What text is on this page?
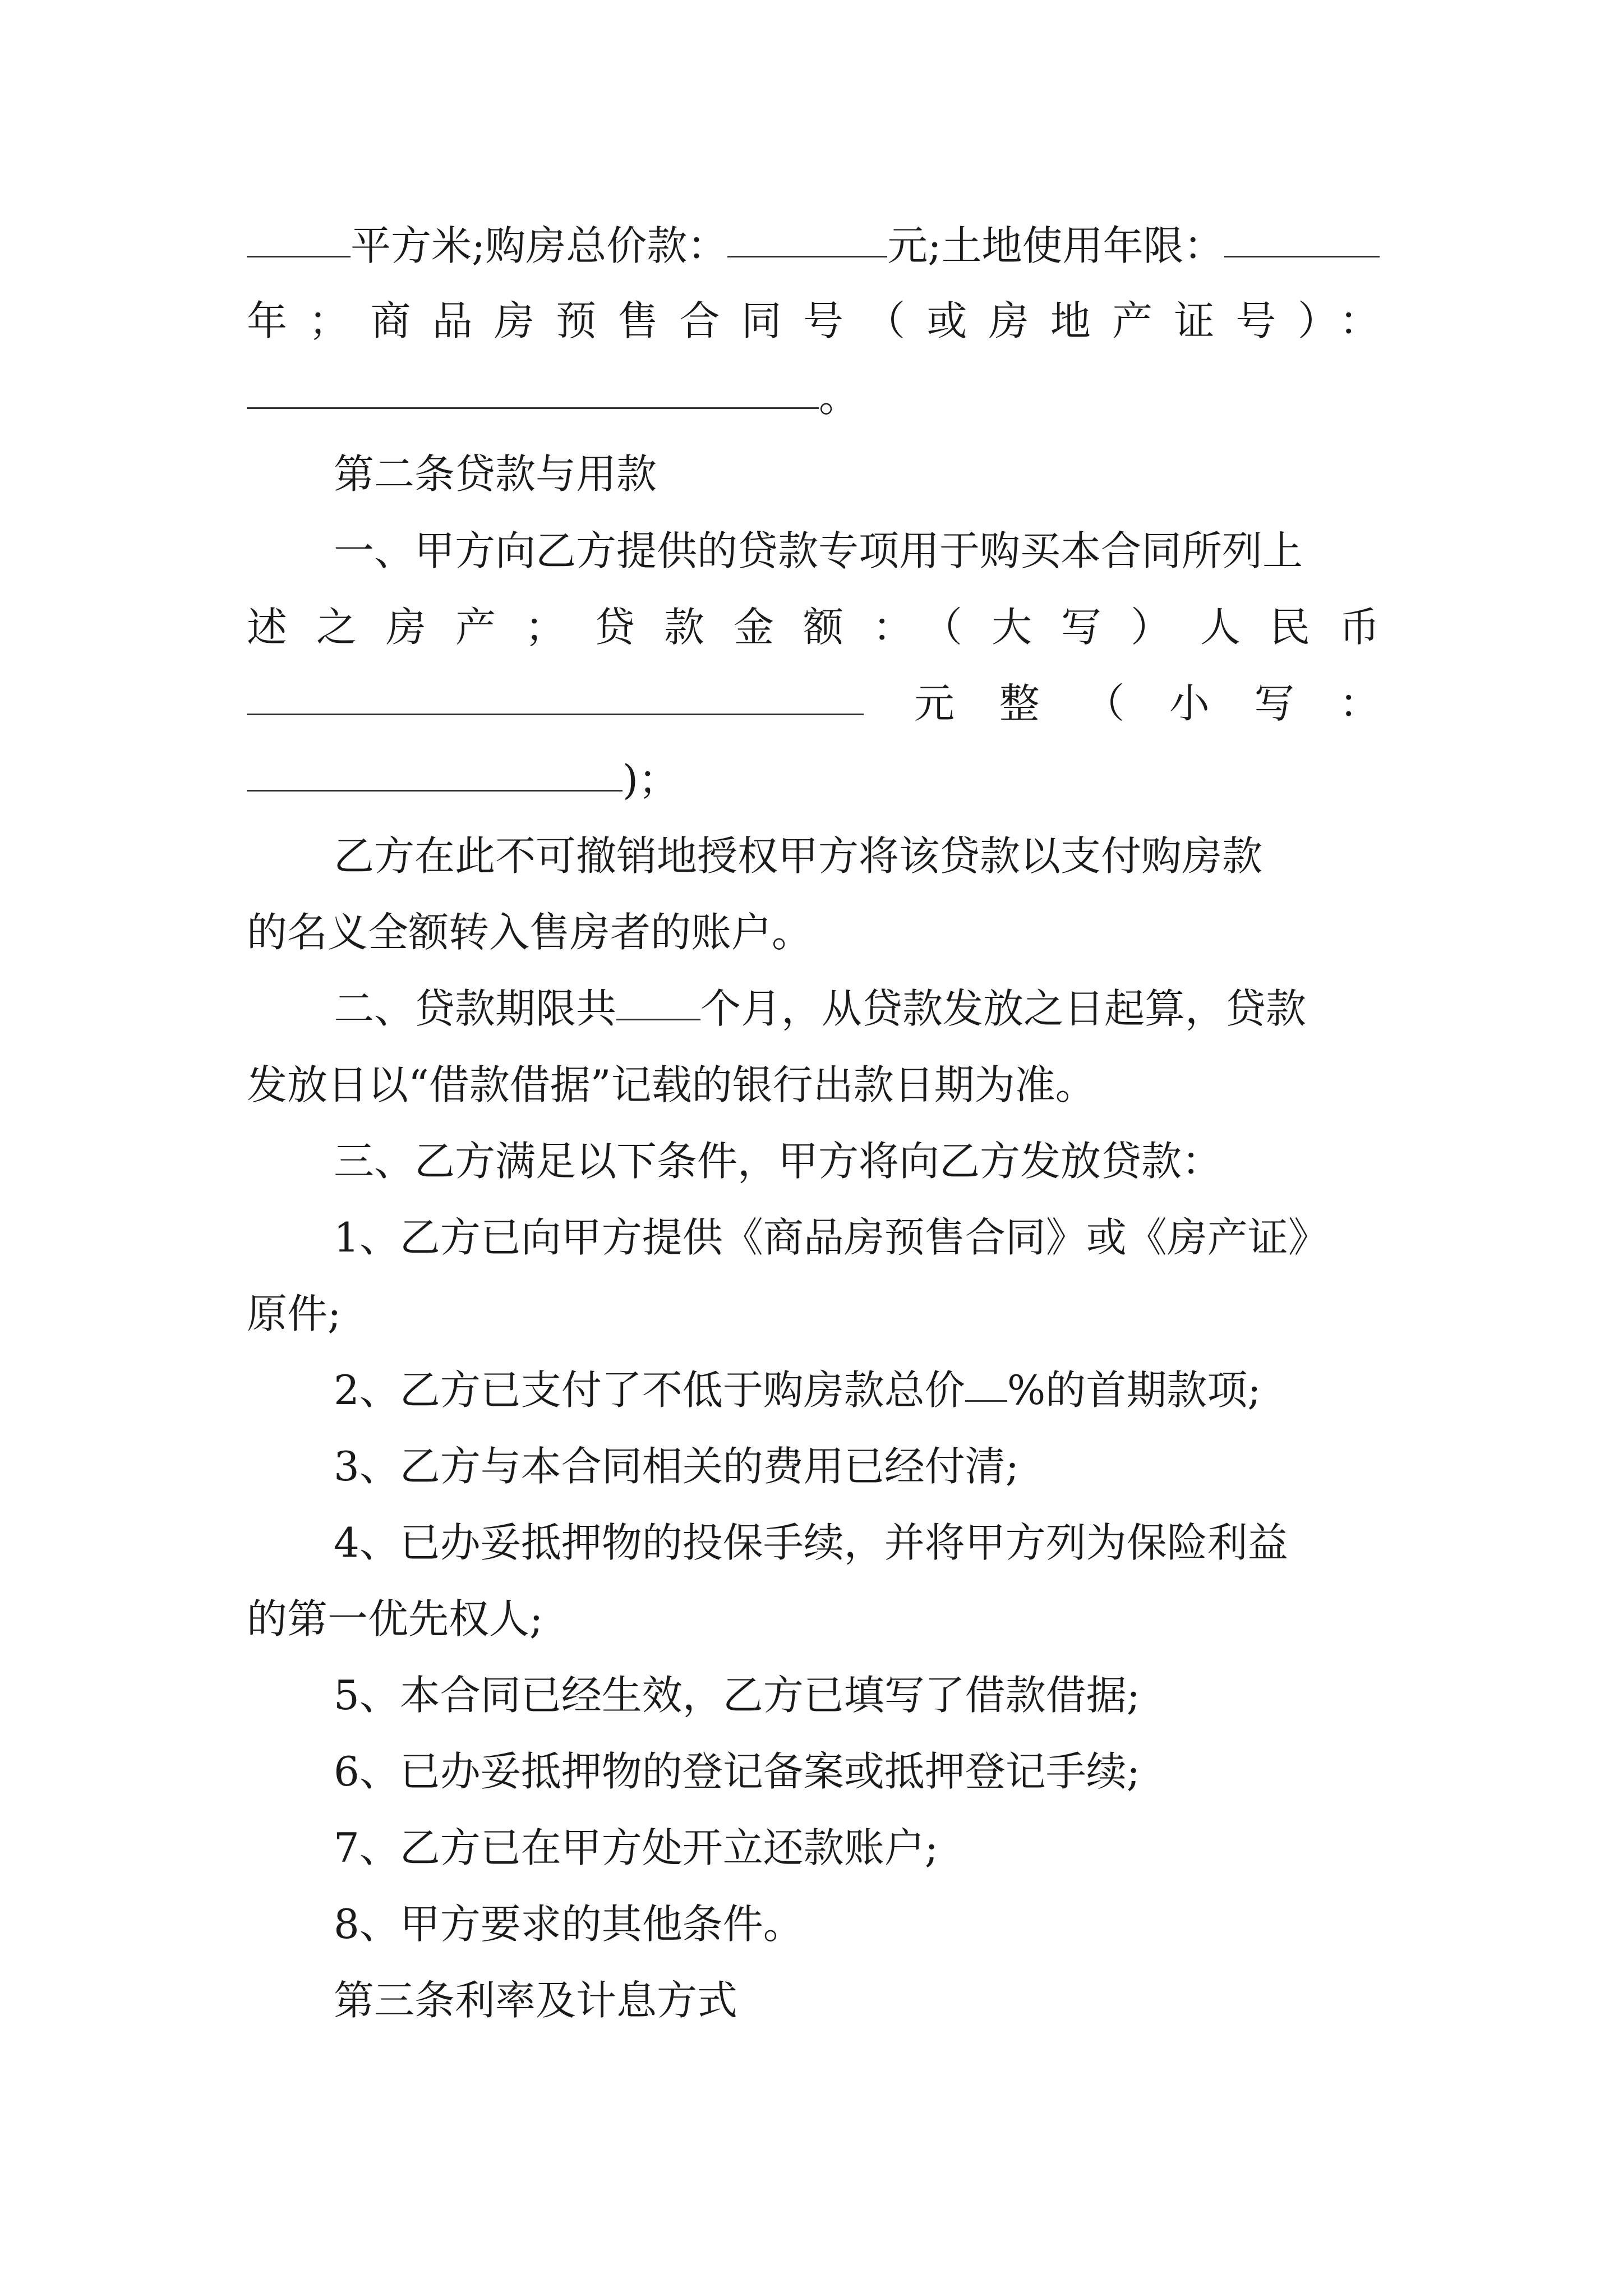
平方米;购房总价款：	元;土地使用年限：
年；商品房预售合同号（或房地产证号）：
。
第二条贷款与用款
一、甲方向乙方提供的贷款专项用于购买本合同所列上
述之房产；贷款金额：（大写）人民币
元整（小写：
)；
乙方在此不可撤销地授权甲方将该贷款以支付购房款
的名义全额转入售房者的账户。
二、贷款期限共 个月，从贷款发放之日起算，贷款
发放日以“借款借据”记载的银行出款日期为准。
三、乙方满足以下条件，甲方将向乙方发放贷款：
1、乙方已向甲方提供《商品房预售合同》或《房产证》
原件;
2、乙方已支付了不低于购房款总价 %的首期款项;
3、乙方与本合同相关的费用已经付清;
4、已办妥抵押物的投保手续，并将甲方列为保险利益
的第一优先权人;
5、本合同已经生效，乙方已填写了借款借据;
6、已办妥抵押物的登记备案或抵押登记手续;
7、乙方已在甲方处开立还款账户;
8、甲方要求的其他条件。
第三条利率及计息方式
